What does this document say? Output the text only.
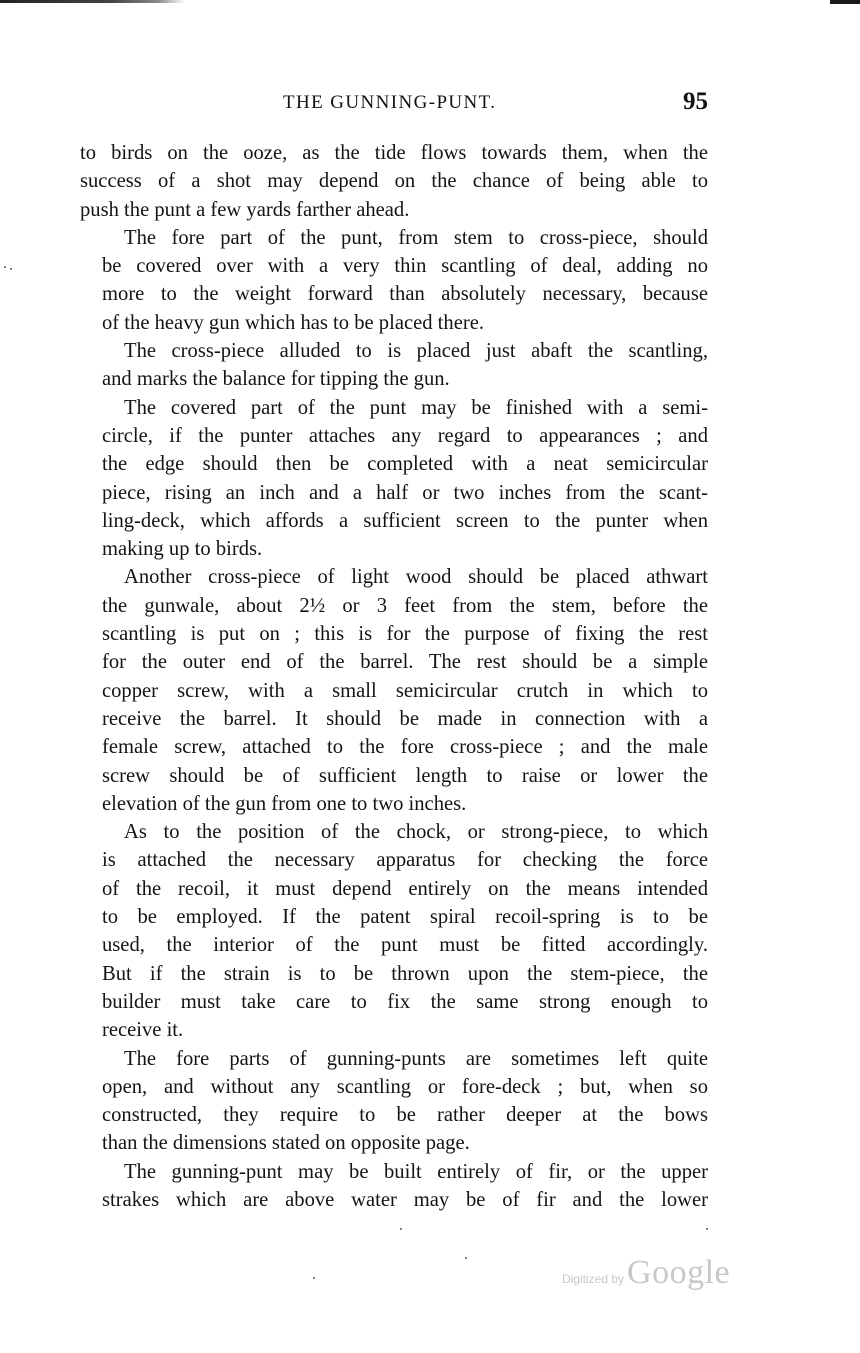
THE GUNNING-PUNT.	95

to birds on the ooze, as the tide flows towards them, when the
success of a shot may depend on the chance of being able to
push the punt a few yards farther ahead.

The fore part of the punt, from stem to cross-piece, should
be covered over with a very thin scantling of deal, adding no
more to the weight forward than absolutely necessary, because
of the heavy gun which has to be placed there.

The cross-piece alluded to is placed just abaft the scantling,
and marks the balance for tipping the gun.

The covered part of the punt may be finished with a semi-
circle, if the punter attaches any regard to appearances ; and
the edge should then be completed with a neat semicircular
piece, rising an inch and a half or two inches from the scant-
ling-deck, which affords a sufficient screen to the punter when
making up to birds.

Another cross-piece of light wood should be placed athwart
the gunwale, about 2½ or 3 feet from the stem, before the
scantling is put on ; this is for the purpose of fixing the rest
for the outer end of the barrel. The rest should be a simple
copper screw, with a small semicircular crutch in which to
receive the barrel. It should be made in connection with a
female screw, attached to the fore cross-piece ; and the male
screw should be of sufficient length to raise or lower the
elevation of the gun from one to two inches.

As to the position of the chock, or strong-piece, to which
is attached the necessary apparatus for checking the force
of the recoil, it must depend entirely on the means intended
to be employed. If the patent spiral recoil-spring is to be
used, the interior of the punt must be fitted accordingly.
But if the strain is to be thrown upon the stem-piece, the
builder must take care to fix the same strong enough to
receive it.

The fore parts of gunning-punts are sometimes left quite
open, and without any scantling or fore-deck ; but, when so
constructed, they require to be rather deeper at the bows
than the dimensions stated on opposite page.

The gunning-punt may be built entirely of fir, or the upper
strakes which are above water may be of fir and the lower

Digitized by Google
